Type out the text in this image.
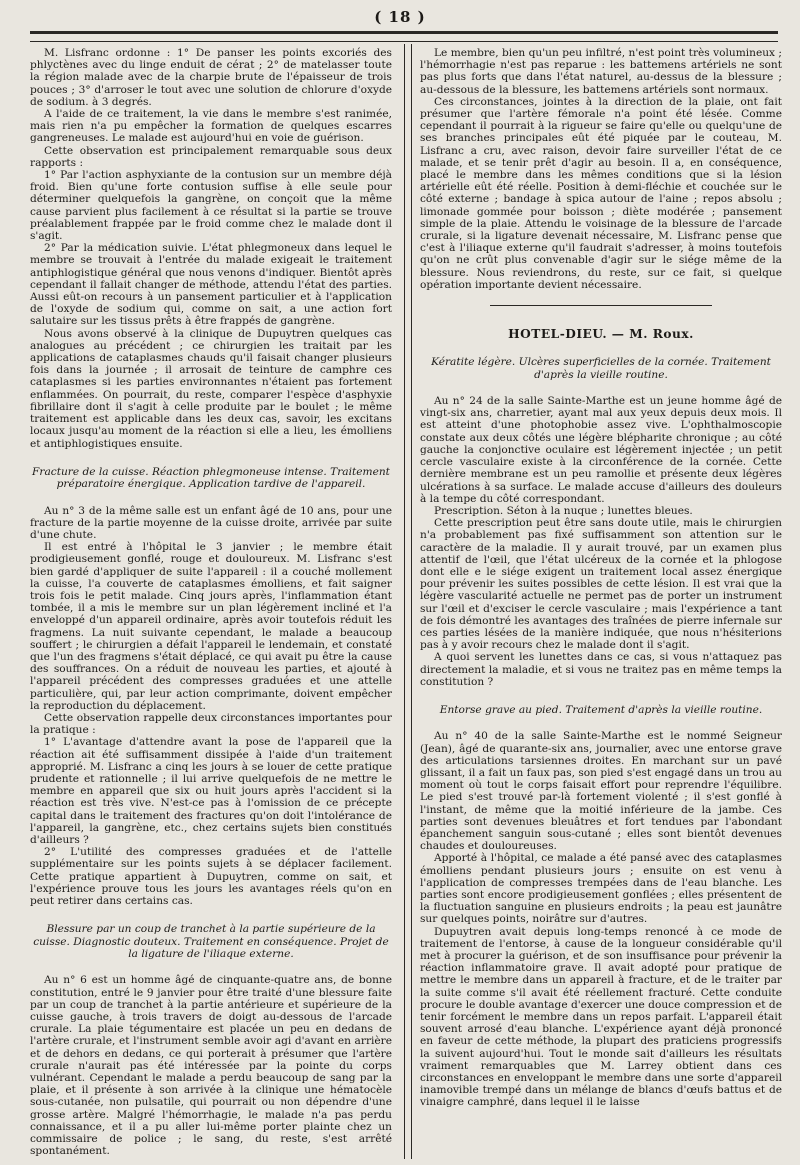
( 18 )

M. Lisfranc ordonne : 1° De panser les points excoriés des phlyctènes avec du linge enduit de cérat ; 2° de matelasser toute la région malade avec de la charpie brute de l'épaisseur de trois pouces ; 3° d'arroser le tout avec une solution de chlorure d'oxyde de sodium. à 3 degrés.

A l'aide de ce traitement, la vie dans le membre s'est ranimée, mais rien n'a pu empêcher la formation de quelques escarres gangreneuses. Le malade est aujourd'hui en voie de guérison.

Cette observation est principalement remarquable sous deux rapports :

1° Par l'action asphyxiante de la contusion sur un membre déjà froid. Bien qu'une forte contusion suffise à elle seule pour déterminer quelquefois la gangrène, on conçoit que la même cause parvient plus facilement à ce résultat si la partie se trouve préalablement frappée par le froid comme chez le malade dont il s'agit.

2° Par la médication suivie. L'état phlegmoneux dans lequel le membre se trouvait à l'entrée du malade exigeait le traitement antiphlogistique général que nous venons d'indiquer. Bientôt après cependant il fallait changer de méthode, attendu l'état des parties. Aussi eût-on recours à un pansement particulier et à l'application de l'oxyde de sodium qui, comme on sait, a une action fort salutaire sur les tissus prêts à être frappés de gangrène.

Nous avons observé à la clinique de Dupuytren quelques cas analogues au précédent ; ce chirurgien les traitait par les applications de cataplasmes chauds qu'il faisait changer plusieurs fois dans la journée ; il arrosait de teinture de camphre ces cataplasmes si les parties environnantes n'étaient pas fortement enflammées. On pourrait, du reste, comparer l'espèce d'asphyxie fibrillaire dont il s'agit à celle produite par le boulet ; le même traitement est applicable dans les deux cas, savoir, les excitans locaux jusqu'au moment de la réaction si elle a lieu, les émolliens et antiphlogistiques ensuite.

Fracture de la cuisse. Réaction phlegmoneuse intense. Traitement préparatoire énergique. Application tardive de l'appareil.

Au n° 3 de la même salle est un enfant âgé de 10 ans, pour une fracture de la partie moyenne de la cuisse droite, arrivée par suite d'une chute.

Il est entré à l'hôpital le 3 janvier ; le membre était prodigieusement gonflé, rouge et douloureux. M. Lisfranc s'est bien gardé d'appliquer de suite l'appareil : il a couché mollement la cuisse, l'a couverte de cataplasmes émolliens, et fait saigner trois fois le petit malade. Cinq jours après, l'inflammation étant tombée, il a mis le membre sur un plan légèrement incliné et l'a enveloppé d'un appareil ordinaire, après avoir toutefois réduit les fragmens. La nuit suivante cependant, le malade a beaucoup souffert ; le chirurgien a défait l'appareil le lendemain, et constaté que l'un des fragmens s'était déplacé, ce qui avait pu être la cause des souffrances. On a réduit de nouveau les parties, et ajouté à l'appareil précédent des compresses graduées et une attelle particulière, qui, par leur action comprimante, doivent empêcher la reproduction du déplacement.

Cette observation rappelle deux circonstances importantes pour la pratique :

1° L'avantage d'attendre avant la pose de l'appareil que la réaction ait été suffisamment dissipée à l'aide d'un traitement approprié. M. Lisfranc a cinq les jours à se louer de cette pratique prudente et rationnelle ; il lui arrive quelquefois de ne mettre le membre en appareil que six ou huit jours après l'accident si la réaction est très vive. N'est-ce pas à l'omission de ce précepte capital dans le traitement des fractures qu'on doit l'intolérance de l'appareil, la gangrène, etc., chez certains sujets bien constitués d'ailleurs ?

2° L'utilité des compresses graduées et de l'attelle supplémentaire sur les points sujets à se déplacer facilement. Cette pratique appartient à Dupuytren, comme on sait, et l'expérience prouve tous les jours les avantages réels qu'on en peut retirer dans certains cas.

Blessure par un coup de tranchet à la partie supérieure de la cuisse. Diagnostic douteux. Traitement en conséquence. Projet de la ligature de l'iliaque externe.

Au n° 6 est un homme âgé de cinquante-quatre ans, de bonne constitution, entré le 9 janvier pour être traité d'une blessure faite par un coup de tranchet à la partie antérieure et supérieure de la cuisse gauche, à trois travers de doigt au-dessous de l'arcade crurale. La plaie tégumentaire est placée un peu en dedans de l'artère crurale, et l'instrument semble avoir agi d'avant en arrière et de dehors en dedans, ce qui porterait à présumer que l'artère crurale n'aurait pas été intéressée par la pointe du corps vulnérant. Cependant le malade a perdu beaucoup de sang par la plaie, et il présente à son arrivée à la clinique une hématocèle sous-cutanée, non pulsatile, qui pourrait ou non dépendre d'une grosse artère. Malgré l'hémorrhagie, le malade n'a pas perdu connaissance, et il a pu aller lui-même porter plainte chez un commissaire de police ; le sang, du reste, s'est arrêté spontanément.

Le membre, bien qu'un peu infiltré, n'est point très volumineux ; l'hémorrhagie n'est pas reparue : les battemens artériels ne sont pas plus forts que dans l'état naturel, au-dessus de la blessure ; au-dessous de la blessure, les battemens artériels sont normaux.

Ces circonstances, jointes à la direction de la plaie, ont fait présumer que l'artère fémorale n'a point été lésée. Comme cependant il pourrait à la rigueur se faire qu'elle ou quelqu'une de ses branches principales eût été piquée par le couteau, M. Lisfranc a cru, avec raison, devoir faire surveiller l'état de ce malade, et se tenir prêt d'agir au besoin. Il a, en conséquence, placé le membre dans les mêmes conditions que si la lésion artérielle eût été réelle. Position à demi-fléchie et couchée sur le côté externe ; bandage à spica autour de l'aine ; repos absolu ; limonade gommée pour boisson ; diète modérée ; pansement simple de la plaie. Attendu le voisinage de la blessure de l'arcade crurale, si la ligature devenait nécessaire, M. Lisfranc pense que c'est à l'iliaque externe qu'il faudrait s'adresser, à moins toutefois qu'on ne crût plus convenable d'agir sur le siége même de la blessure. Nous reviendrons, du reste, sur ce fait, si quelque opération importante devient nécessaire.

HOTEL-DIEU. — M. Roux.
Kératite légère. Ulcères superficielles de la cornée. Traitement d'après la vieille routine.

Au n° 24 de la salle Sainte-Marthe est un jeune homme âgé de vingt-six ans, charretier, ayant mal aux yeux depuis deux mois. Il est atteint d'une photophobie assez vive. L'ophthalmoscopie constate aux deux côtés une légère blépharite chronique ; au côté gauche la conjonctive oculaire est légèrement injectée ; un petit cercle vasculaire existe à la circonférence de la cornée. Cette dernière membrane est un peu ramollie et présente deux légères ulcérations à sa surface. Le malade accuse d'ailleurs des douleurs à la tempe du côté correspondant.

Prescription. Séton à la nuque ; lunettes bleues.

Cette prescription peut être sans doute utile, mais le chirurgien n'a probablement pas fixé suffisamment son attention sur le caractère de la maladie. Il y aurait trouvé, par un examen plus attentif de l'œil, que l'état ulcéreux de la cornée et la phlogose dont elle e le siége exigent un traitement local assez énergique pour prévenir les suites possibles de cette lésion. Il est vrai que la légère vascularité actuelle ne permet pas de porter un instrument sur l'œil et d'exciser le cercle vasculaire ; mais l'expérience a tant de fois démontré les avantages des traînées de pierre infernale sur ces parties lésées de la manière indiquée, que nous n'hésiterions pas à y avoir recours chez le malade dont il s'agit.

A quoi servent les lunettes dans ce cas, si vous n'attaquez pas directement la maladie, et si vous ne traitez pas en même temps la constitution ?

Entorse grave au pied. Traitement d'après la vieille routine.

Au n° 40 de la salle Sainte-Marthe est le nommé Seigneur (Jean), âgé de quarante-six ans, journalier, avec une entorse grave des articulations tarsiennes droites. En marchant sur un pavé glissant, il a fait un faux pas, son pied s'est engagé dans un trou au moment où tout le corps faisait effort pour reprendre l'équilibre. Le pied s'est trouvé par-là fortement violenté ; il s'est gonflé à l'instant, de même que la moitié inférieure de la jambe. Ces parties sont devenues bleuâtres et fort tendues par l'abondant épanchement sanguin sous-cutané ; elles sont bientôt devenues chaudes et douloureuses.

Apporté à l'hôpital, ce malade a été pansé avec des cataplasmes émolliens pendant plusieurs jours ; ensuite on est venu à l'application de compresses trempées dans de l'eau blanche. Les parties sont encore prodigieusement gonflées ; elles présentent de la fluctuation sanguine en plusieurs endroits ; la peau est jaunâtre sur quelques points, noirâtre sur d'autres.

Dupuytren avait depuis long-temps renoncé à ce mode de traitement de l'entorse, à cause de la longueur considérable qu'il met à procurer la guérison, et de son insuffisance pour prévenir la réaction inflammatoire grave. Il avait adopté pour pratique de mettre le membre dans un appareil à fracture, et de le traiter par la suite comme s'il avait été réellement fracturé. Cette conduite procure le double avantage d'exercer une douce compression et de tenir forcément le membre dans un repos parfait. L'appareil était souvent arrosé d'eau blanche. L'expérience ayant déjà prononcé en faveur de cette méthode, la plupart des praticiens progressifs la suivent aujourd'hui. Tout le monde sait d'ailleurs les résultats vraiment remarquables que M. Larrey obtient dans ces circonstances en enveloppant le membre dans une sorte d'appareil inamovible trempé dans un mélange de blancs d'œufs battus et de vinaigre camphré, dans lequel il le laisse
